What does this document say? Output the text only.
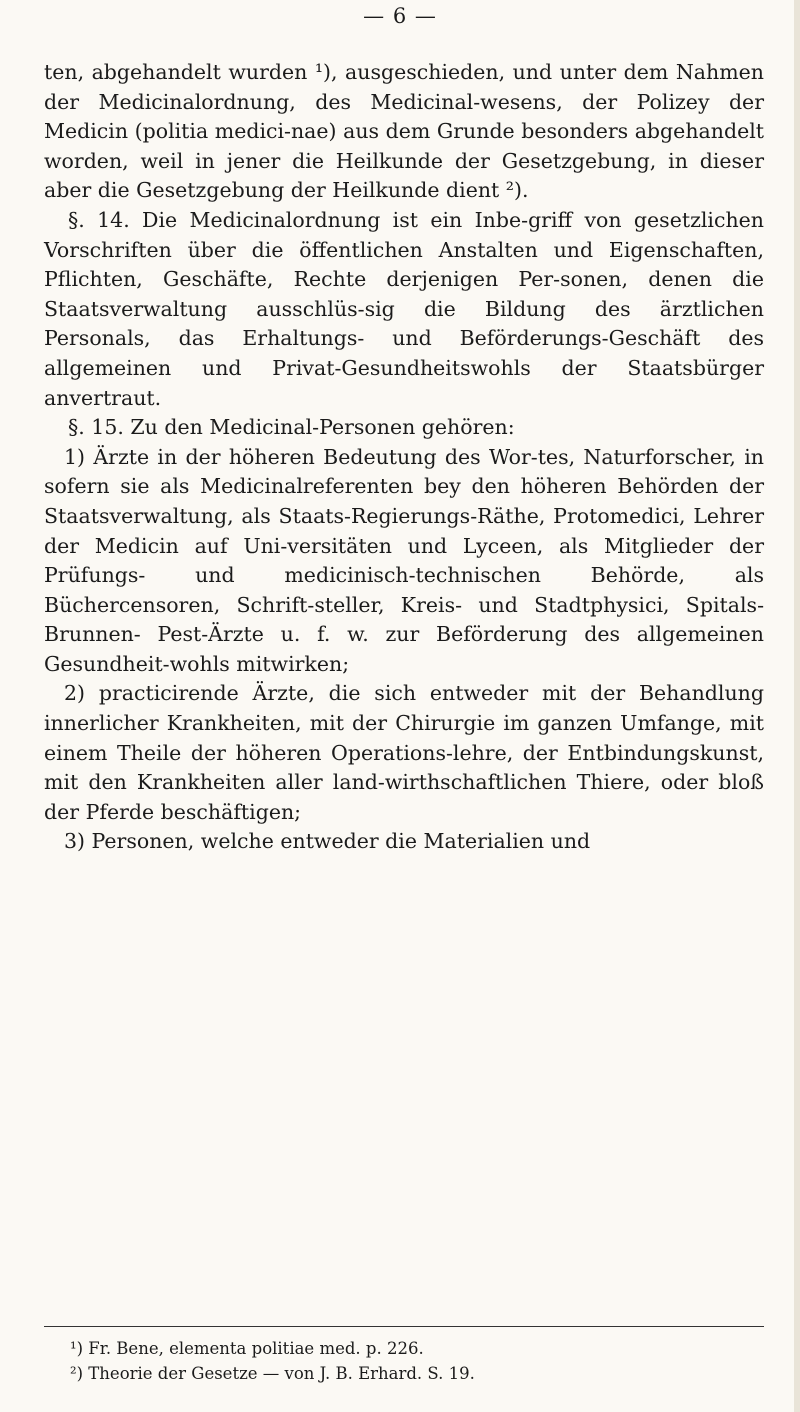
— 6 —

ten, abgehandelt wurden ¹), ausgeschieden, und unter dem Nahmen der Medicinalordnung, des Medicinal-wesens, der Polizey der Medicin (politia medici-nae) aus dem Grunde besonders abgehandelt worden, weil in jener die Heilkunde der Gesetzgebung, in dieser aber die Gesetzgebung der Heilkunde dient ²).

§. 14. Die Medicinalordnung ist ein Inbe-griff von gesetzlichen Vorschriften über die öffentlichen Anstalten und Eigenschaften, Pflichten, Geschäfte, Rechte derjenigen Per-sonen, denen die Staatsverwaltung ausschlüs-sig die Bildung des ärztlichen Personals, das Erhaltungs- und Beförderungs-Geschäft des allgemeinen und Privat-Gesundheitswohls der Staatsbürger anvertraut.

§. 15. Zu den Medicinal-Personen gehören:

1) Ärzte in der höheren Bedeutung des Wor-tes, Naturforscher, in sofern sie als Medicinalreferenten bey den höheren Behörden der Staatsverwaltung, als Staats-Regierungs-Räthe, Protomedici, Lehrer der Medicin auf Uni-versitäten und Lyceen, als Mitglieder der Prüfungs- und medicinisch-technischen Behörde, als Büchercensoren, Schrift-steller, Kreis- und Stadtphysici, Spitals- Brunnen- Pest-Ärzte u. f. w. zur Beförderung des allgemeinen Gesundheit-wohls mitwirken;

2) practicirende Ärzte, die sich entweder mit der Behandlung innerlicher Krankheiten, mit der Chirurgie im ganzen Umfange, mit einem Theile der höheren Operations-lehre, der Entbindungskunst, mit den Krankheiten aller land-wirthschaftlichen Thiere, oder bloß der Pferde beschäftigen;

3) Personen, welche entweder die Materialien und

¹) Fr. Bene, elementa politiae med. p. 226.
²) Theorie der Gesetze — von J. B. Erhard. S. 19.
